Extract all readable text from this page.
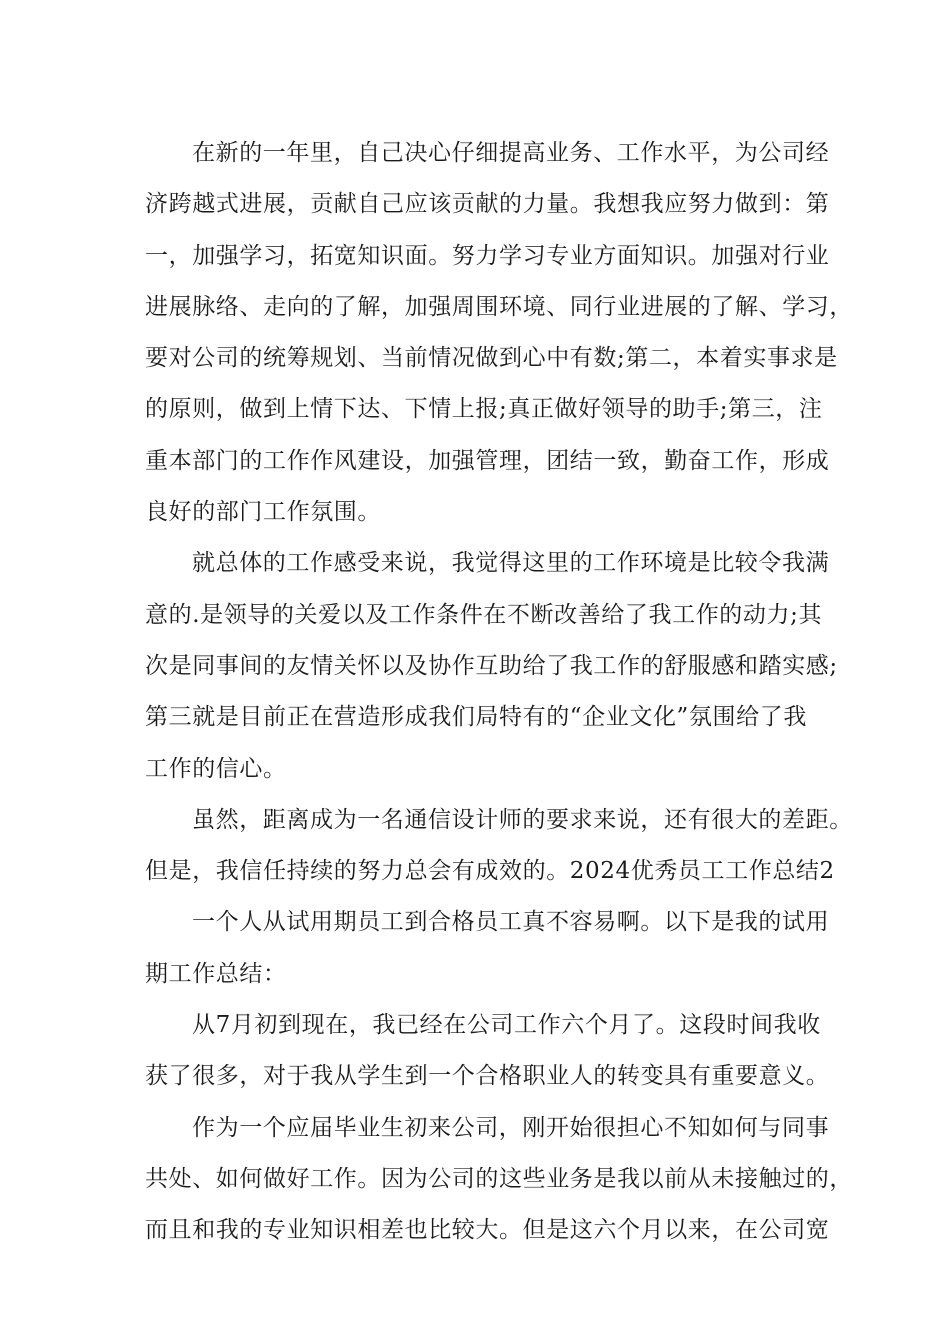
在新的一年里，自己决心仔细提高业务、工作水平，为公司经
济跨越式进展，贡献自己应该贡献的力量。我想我应努力做到：第
一，加强学习，拓宽知识面。努力学习专业方面知识。加强对行业
进展脉络、走向的了解，加强周围环境、同行业进展的了解、学习，
要对公司的统筹规划、当前情况做到心中有数;第二，本着实事求是
的原则，做到上情下达、下情上报;真正做好领导的助手;第三，注
重本部门的工作作风建设，加强管理，团结一致，勤奋工作，形成
良好的部门工作氛围。

就总体的工作感受来说，我觉得这里的工作环境是比较令我满
意的.是领导的关爱以及工作条件在不断改善给了我工作的动力;其
次是同事间的友情关怀以及协作互助给了我工作的舒服感和踏实感;
第三就是目前正在营造形成我们局特有的“企业文化”氛围给了我
工作的信心。

虽然，距离成为一名通信设计师的要求来说，还有很大的差距。
但是，我信任持续的努力总会有成效的。2024优秀员工工作总结2

一个人从试用期员工到合格员工真不容易啊。以下是我的试用
期工作总结：

从7月初到现在，我已经在公司工作六个月了。这段时间我收
获了很多，对于我从学生到一个合格职业人的转变具有重要意义。

作为一个应届毕业生初来公司，刚开始很担心不知如何与同事
共处、如何做好工作。因为公司的这些业务是我以前从未接触过的，
而且和我的专业知识相差也比较大。但是这六个月以来，在公司宽
